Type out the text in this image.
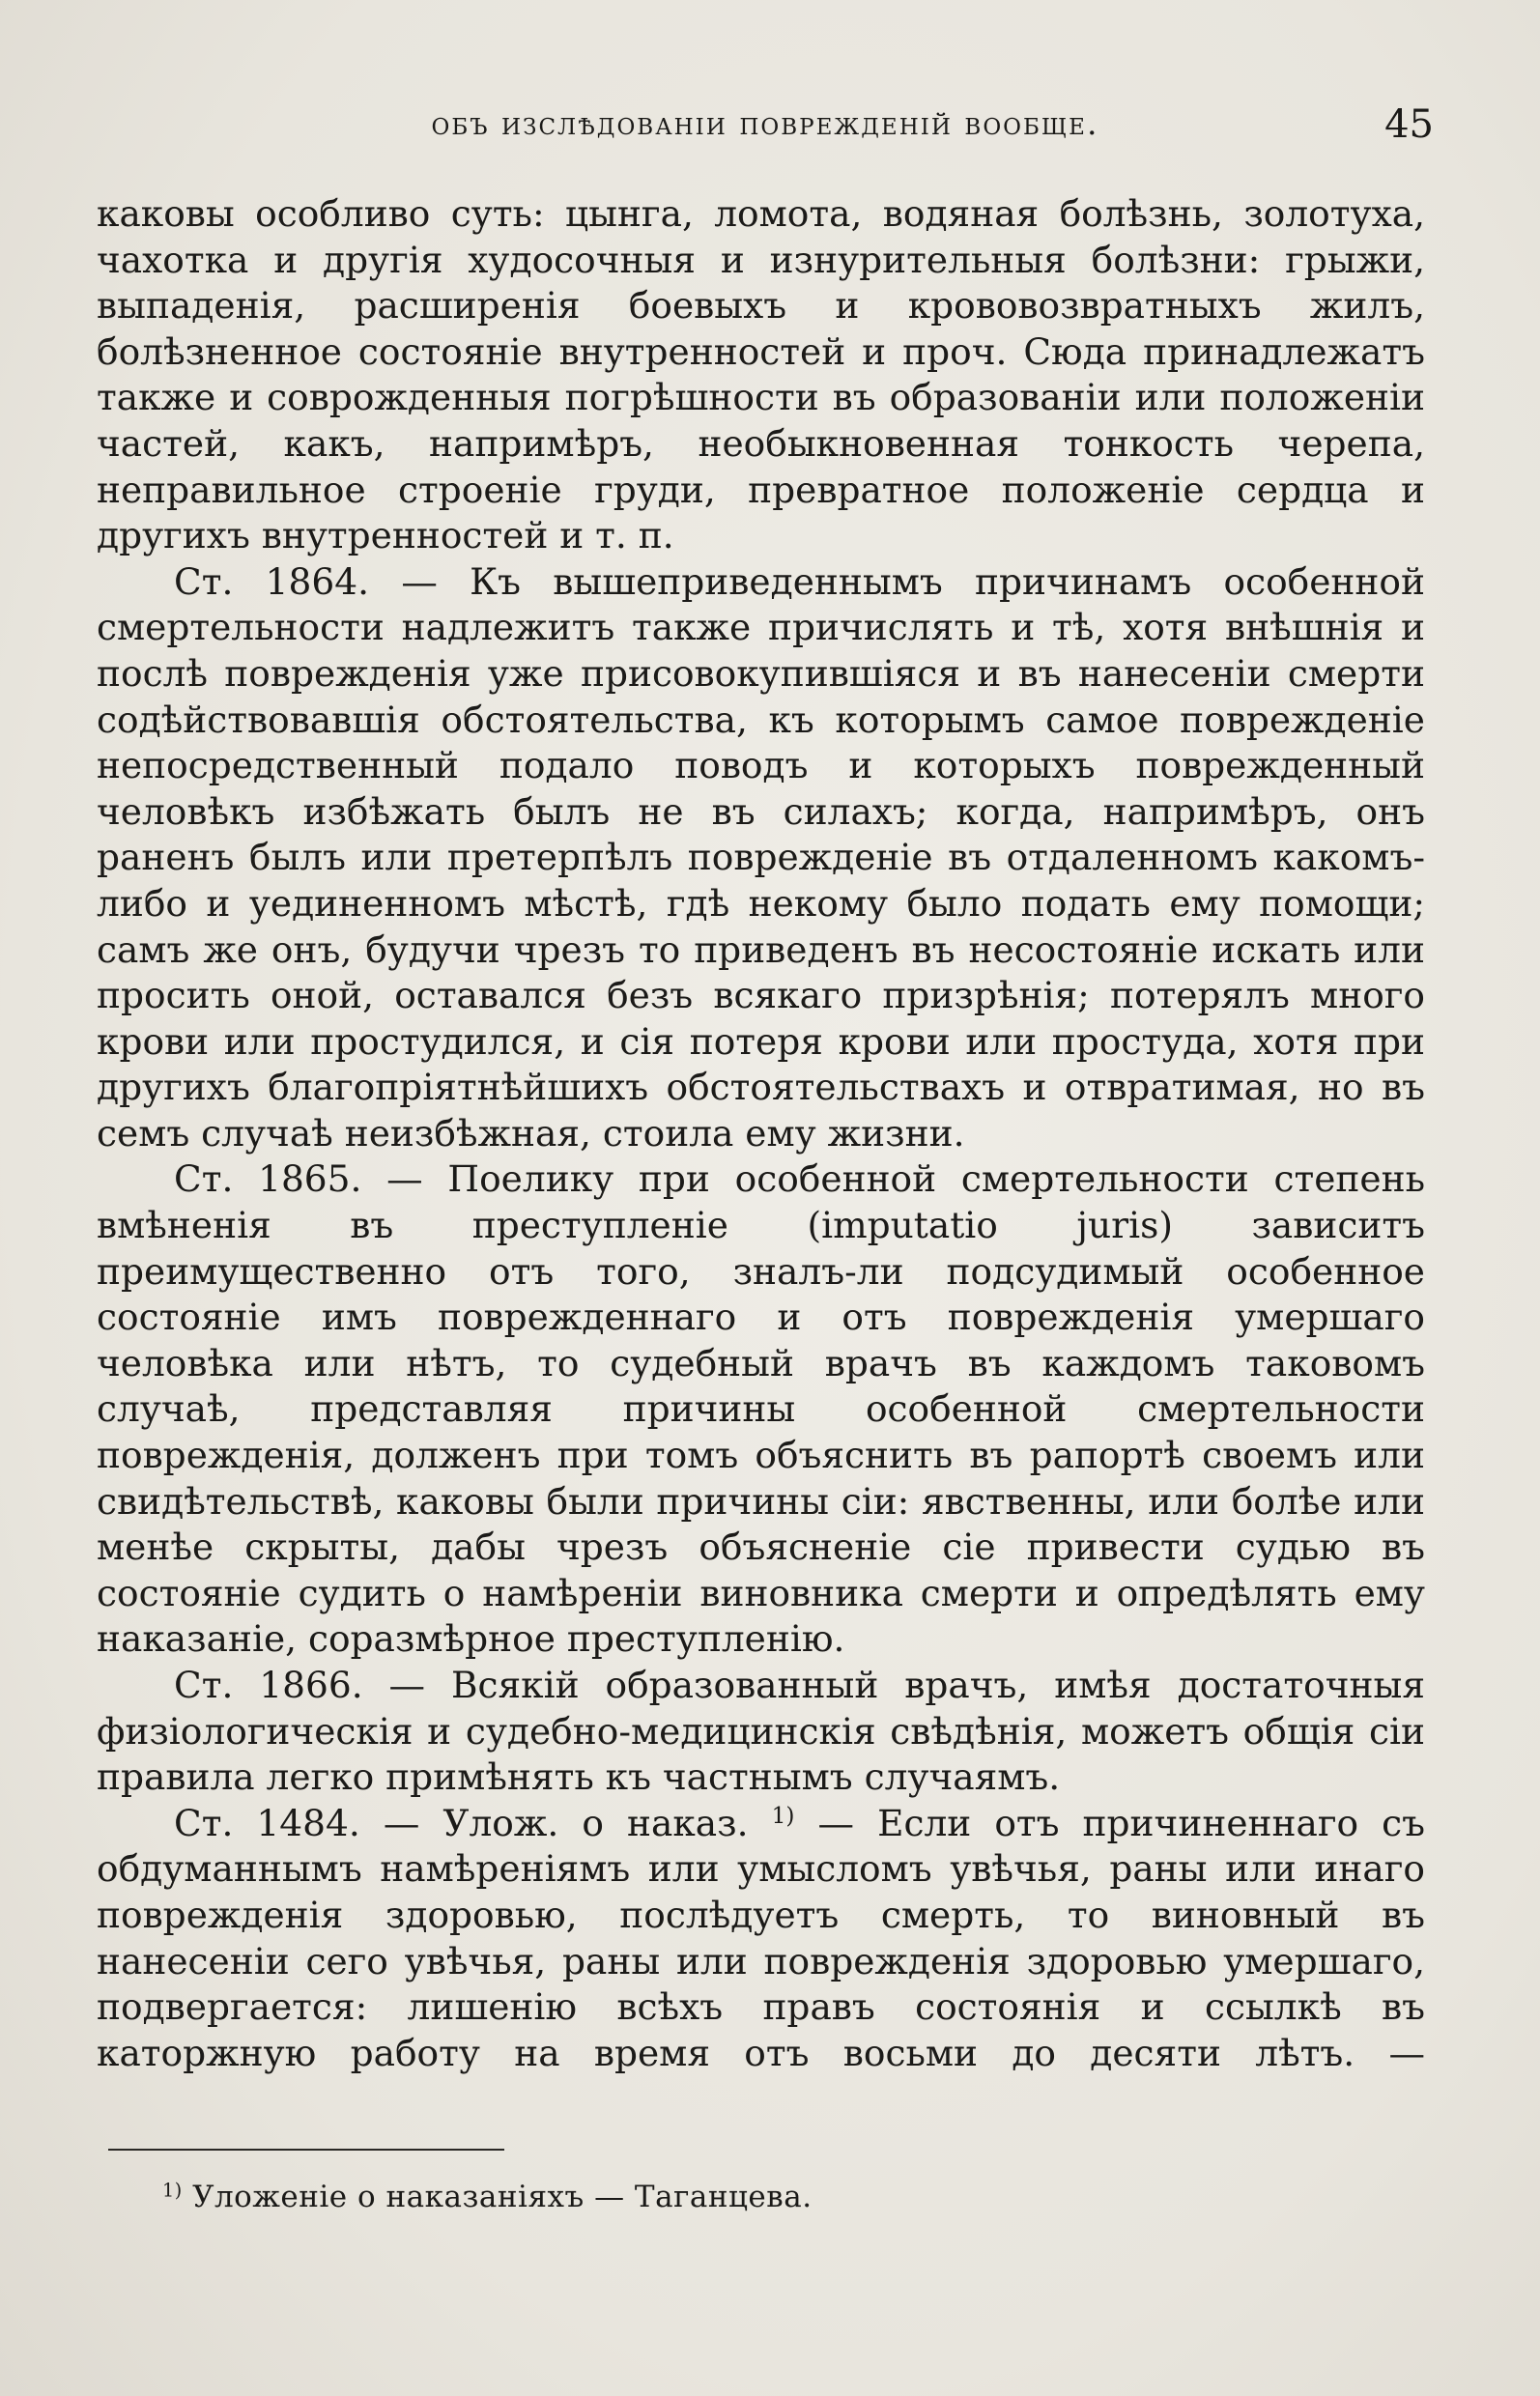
объ изслѣдованіи поврежденій вообще.	45

каковы особливо суть: цынга, ломота, водяная болѣзнь, золотуха, чахотка и другія худосочныя и изнурительныя болѣзни: грыжи, выпаденія, расширенія боевыхъ и крововозвратныхъ жилъ, болѣзненное состояніе внутренностей и проч. Сюда принадлежатъ также и соврожденныя погрѣшности въ образованіи или положеніи частей, какъ, напримѣръ, необыкновенная тонкость черепа, неправильное строеніе груди, превратное положеніе сердца и другихъ внутренностей и т. п.

Ст. 1864. — Къ вышеприведеннымъ причинамъ особенной смертельности надлежитъ также причислять и тѣ, хотя внѣшнія и послѣ поврежденія уже присовокупившіяся и въ нанесеніи смерти содѣйствовавшія обстоятельства, къ которымъ самое поврежденіе непосредственный подало поводъ и которыхъ поврежденный человѣкъ избѣжать былъ не въ силахъ; когда, напримѣръ, онъ раненъ былъ или претерпѣлъ поврежденіе въ отдаленномъ какомъ-либо и уединенномъ мѣстѣ, гдѣ некому было подать ему помощи; самъ же онъ, будучи чрезъ то приведенъ въ несостояніе искать или просить оной, оставался безъ всякаго призрѣнія; потерялъ много крови или простудился, и сія потеря крови или простуда, хотя при другихъ благопріятнѣйшихъ обстоятельствахъ и отвратимая, но въ семъ случаѣ неизбѣжная, стоила ему жизни.

Ст. 1865. — Поелику при особенной смертельности степень вмѣненія въ преступленіе (imputatio juris) зависитъ преимущественно отъ того, зналъ-ли подсудимый особенное состояніе имъ поврежденнаго и отъ поврежденія умершаго человѣка или нѣтъ, то судебный врачъ въ каждомъ таковомъ случаѣ, представляя причины особенной смертельности поврежденія, долженъ при томъ объяснить въ рапортѣ своемъ или свидѣтельствѣ, каковы были причины сіи: явственны, или болѣе или менѣе скрыты, дабы чрезъ объясненіе сіе привести судью въ состояніе судить о намѣреніи виновника смерти и опредѣлять ему наказаніе, соразмѣрное преступленію.

Ст. 1866. — Всякій образованный врачъ, имѣя достаточныя физіологическія и судебно-медицинскія свѣдѣнія, можетъ общія сіи правила легко примѣнять къ частнымъ случаямъ.

Ст. 1484. — Улож. о наказ. $^{1)}$ — Если отъ причиненнаго съ обдуманнымъ намѣреніямъ или умысломъ увѣчья, раны или инаго поврежденія здоровью, послѣдуетъ смерть, то виновный въ нанесеніи сего увѣчья, раны или поврежденія здоровью умершаго, подвергается: лишенію всѣхъ правъ состоянія и ссылкѣ въ каторжную работу на время отъ восьми до десяти лѣтъ. —

$^{1)}$ Уложеніе о наказаніяхъ — Таганцева.
